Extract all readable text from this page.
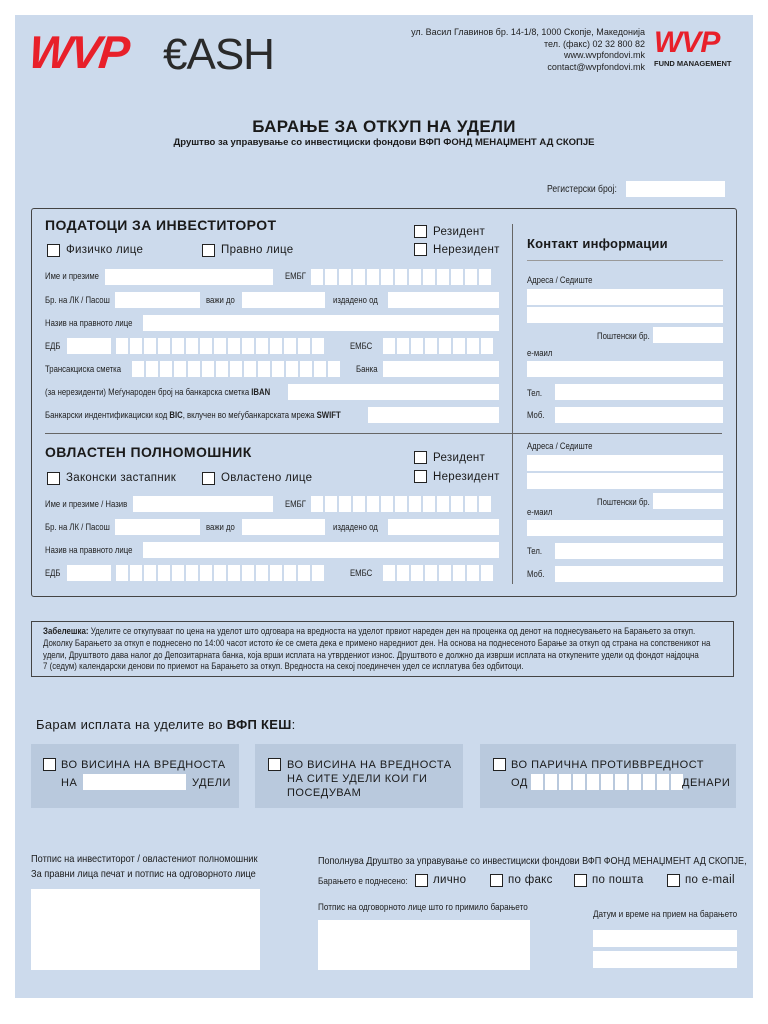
WVP €ASH	ул. Васил Главинов бр. 14-1/8, 1000 Скопје, Македонија
тел. (факс) 02 32 800 82
www.wvpfondovi.mk
contact@wvpfondovi.mk
WVP
FUND MANAGEMENT
БАРАЊЕ ЗА ОТКУП НА УДЕЛИ
Друштво за управување со инвестициски фондови ВФП ФОНД МЕНАЏМЕНТ АД СКОПЈЕ
Регистерски број:
ПОДАТОЦИ ЗА ИНВЕСТИТОРОТ
Физичко лице	Правно лице
Резидент
Нерезидент
Име и презиме	ЕМБГ
Бр. на ЛК / Пасош	важи до	издадено од
Назив на правното лице
ЕДБ	ЕМБС
Трансакциска сметка	Банка
(за нерезиденти) Меѓународен број на банкарска сметка IBAN
Банкарски индентификациски код BIC, вклучен во меѓубанкарската мрежа SWIFT
Контакт информации
Адреса / Седиште
Поштенски бр.
е-маил
Тел.
Моб.
ОВЛАСТЕН ПОЛНОМОШНИК
Законски застапник	Овластено лице
Резидент
Нерезидент
Име и презиме / Назив	ЕМБГ
Бр. на ЛК / Пасош	важи до	издадено од
Назив на правното лице
ЕДБ	ЕМБС
Адреса / Седиште
Поштенски бр.
е-маил
Тел.
Моб.
Забелешка: Уделите се откупуваат по цена на уделот што одговара на вредноста на уделот првиот нареден ден на проценка од денот на поднесувањето на Барањето за откуп.
Доколку Барањето за откуп е поднесено по 14:00 часот истото ќе се смета дека е примено наредниот ден. На основа на поднесеното Барање за откуп од страна на сопственикот на
удели, Друштвото дава налог до Депозитарната банка, која врши исплата на утврдениот износ. Друштвото е должно да изврши исплата на откупените удели од фондот најдоцна
7 (седум) календарски денови по приемот на Барањето за откуп. Вредноста на секој поединечен удел се исплатува без одбитоци.
Барам исплата на уделите во ВФП КЕШ:
ВО ВИСИНА НА ВРЕДНОСТА
НА	УДЕЛИ
ВО ВИСИНА НА ВРЕДНОСТА
НА СИТЕ УДЕЛИ КОИ ГИ
ПОСЕДУВАМ
ВО ПАРИЧНА ПРОТИВВРЕДНОСТ
ОД	ДЕНАРИ
Потпис на инвеститорот / овластениот полномошник
За правни лица печат и потпис на одговорното лице
Пополнува Друштво за управување со инвестициски фондови ВФП ФОНД МЕНАЏМЕНТ АД СКОПЈЕ,
Барањето е поднесено: лично	по факс	по пошта	по e-mail
Потпис на одговорното лице што го примило барањето
Датум и време на прием на барањето
